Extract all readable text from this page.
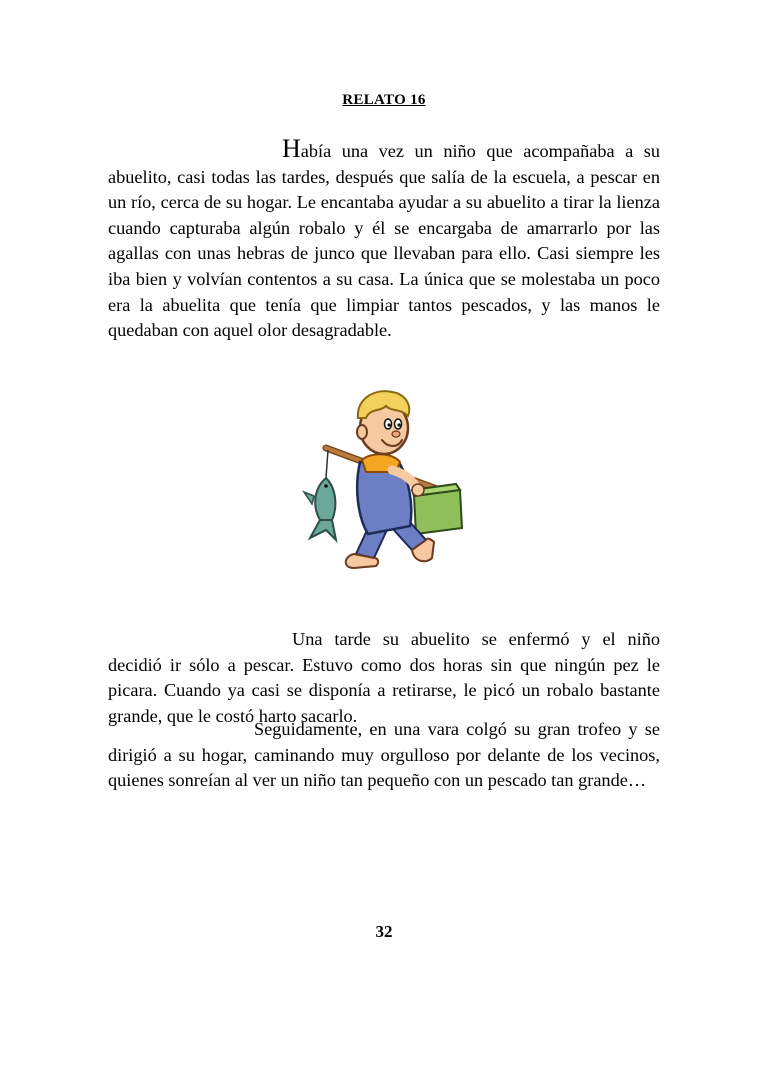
RELATO 16

Había una vez un niño que acompañaba a su abuelito, casi todas las tardes, después que salía de la escuela, a pescar en un río, cerca de su hogar. Le encantaba ayudar a su abuelito a tirar la lienza cuando capturaba algún robalo y él se encargaba de amarrarlo por las agallas con unas hebras de junco que llevaban para ello. Casi siempre les iba bien y volvían contentos a su casa. La única que se molestaba un poco era la abuelita que tenía que limpiar tantos pescados, y las manos le quedaban con aquel olor desagradable.

Una tarde su abuelito se enfermó y el niño decidió ir sólo a pescar. Estuvo como dos horas sin que ningún pez le picara. Cuando ya casi se disponía a retirarse, le picó un robalo bastante grande, que le costó harto sacarlo.

Seguidamente, en una vara colgó su gran trofeo y se dirigió a su hogar, caminando muy orgulloso por delante de los vecinos, quienes sonreían al ver un niño tan pequeño con un pescado tan grande…

32
